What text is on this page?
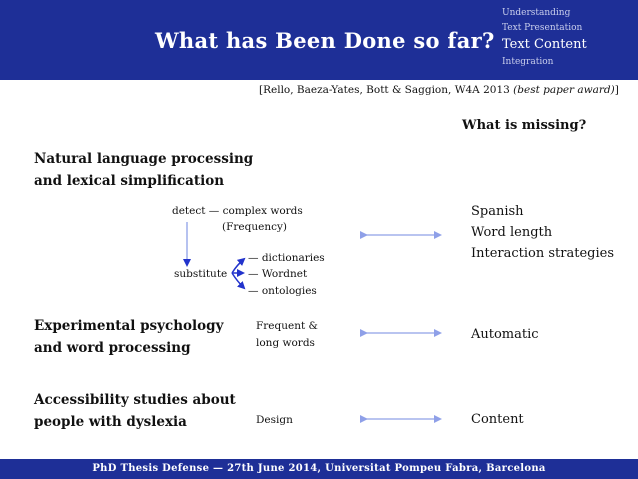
What has Been Done so far?
Understanding
Text Presentation
Text Content
Integration
[Rello, Baeza-Yates, Bott & Saggion, W4A 2013 (best paper award)]
What is missing?
Natural language processing
and lexical simplification
detect — complex words
(Frequency)
substitute
— dictionaries
— Wordnet
— ontologies
Spanish
Word length
Interaction strategies
Experimental psychology
and word processing
Frequent &
long words
Automatic
Accessibility studies about
people with dyslexia	Design	Content
PhD Thesis Defense — 27th June 2014, Universitat Pompeu Fabra, Barcelona
